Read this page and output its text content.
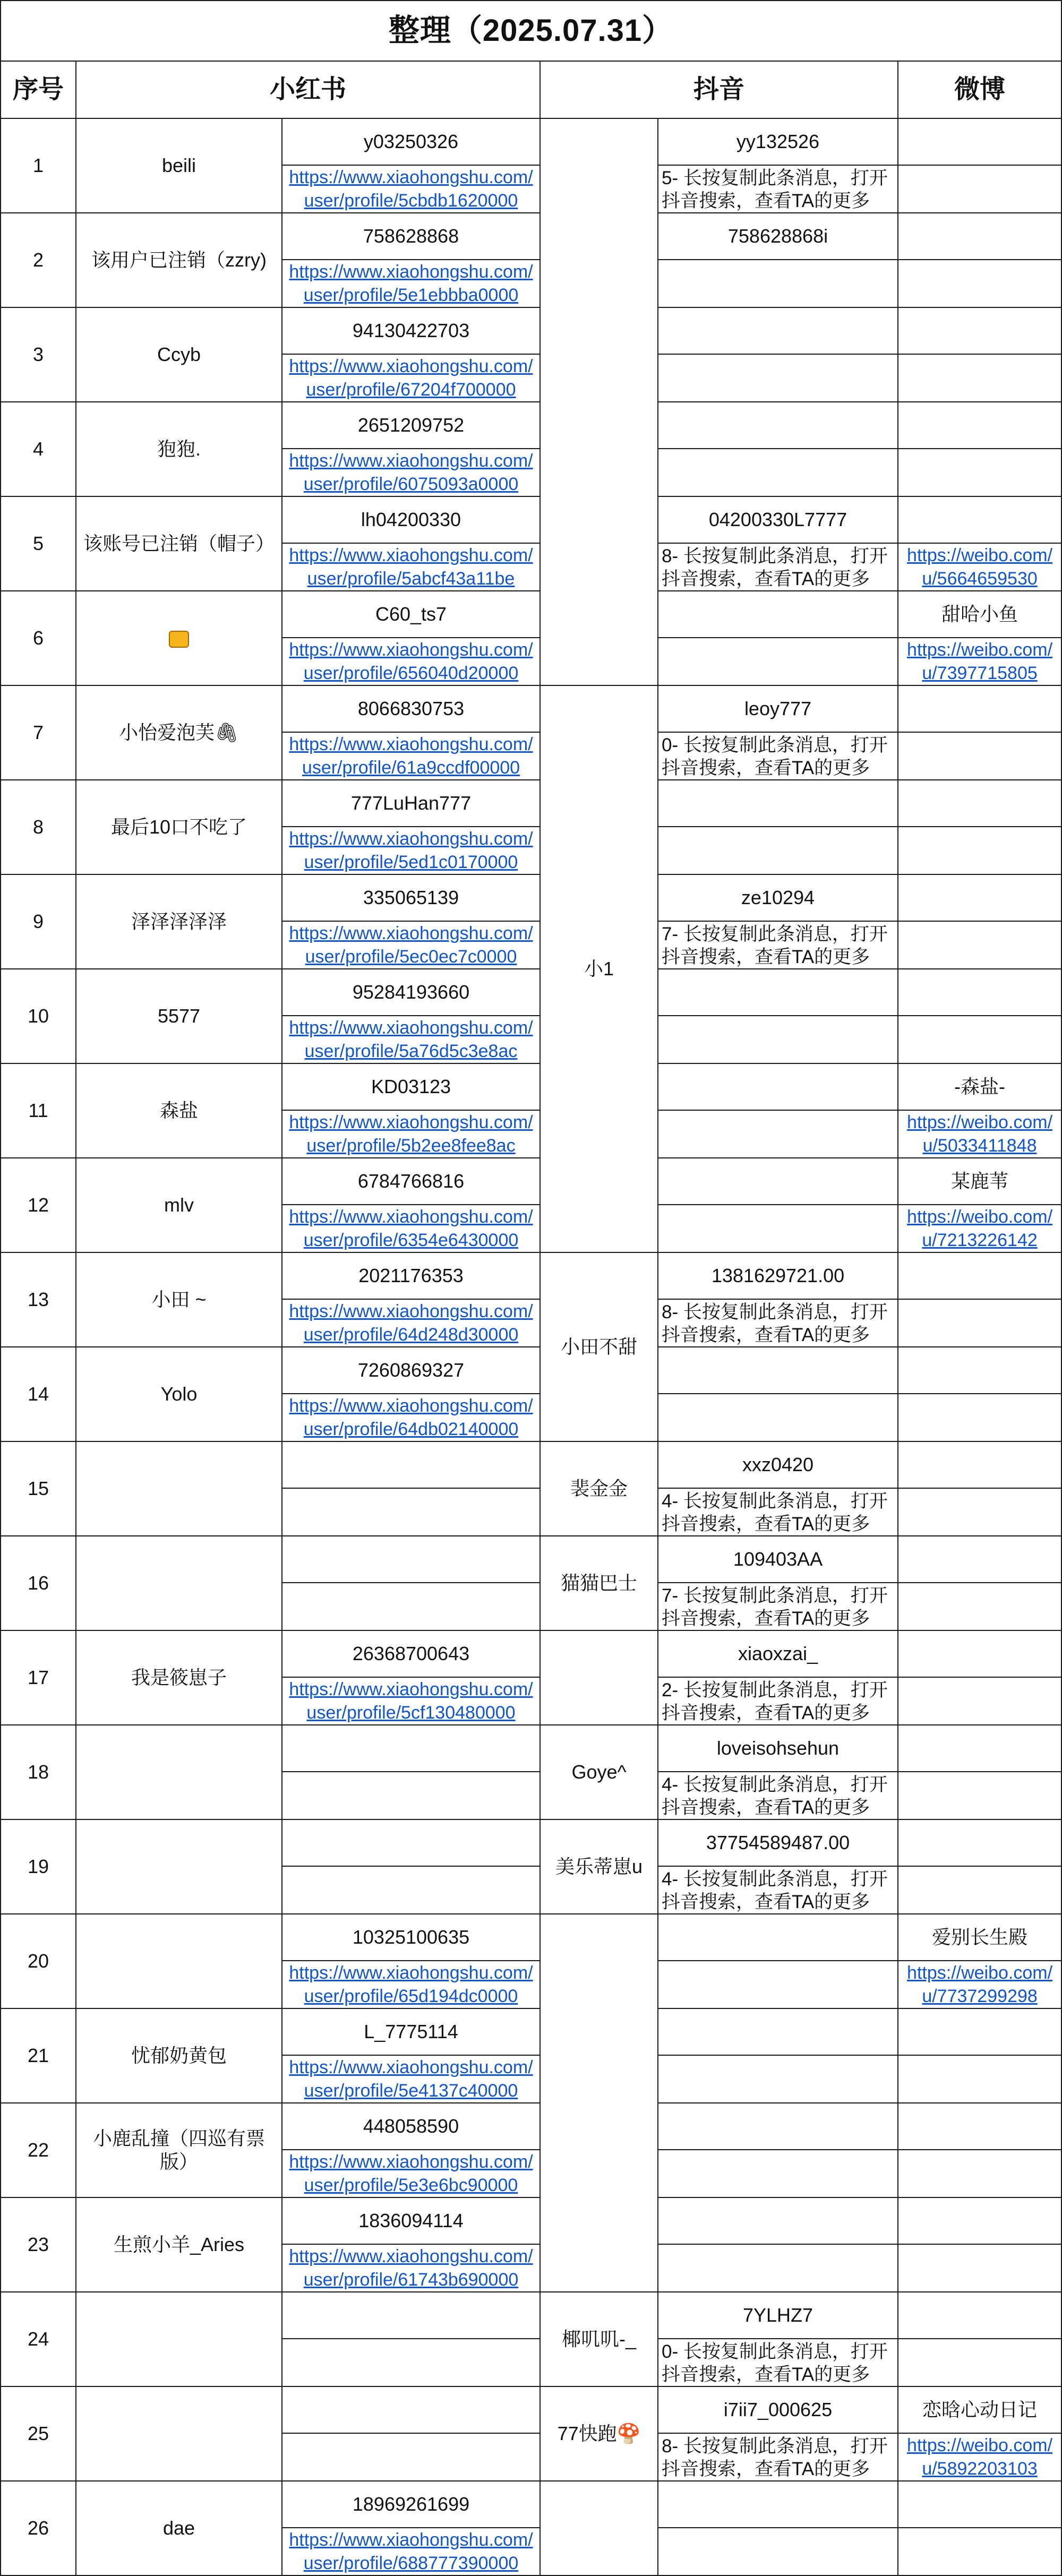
整理（2025.07.31）					
序号	小红书		抖音		微博
1	beili	y03250326		yy132526	
		https://www.xiaohongshu.com/user/profile/5cbdb1620000		5- 长按复制此条消息，打开抖音搜索，查看TA的更多	
2	该用户已注销（zzry)	758628868		758628868i	
		https://www.xiaohongshu.com/user/profile/5e1ebbba0000			
3	Ccyb	94130422703			
		https://www.xiaohongshu.com/user/profile/67204f700000			
4	狍狍.	2651209752			
		https://www.xiaohongshu.com/user/profile/6075093a0000			
5	该账号已注销（帽子）	lh04200330		04200330L7777	
		https://www.xiaohongshu.com/user/profile/5abcf43a11be		8- 长按复制此条消息，打开抖音搜索，查看TA的更多	https://weibo.com/u/5664659530
6		C60_ts7			甜哈小鱼
		https://www.xiaohongshu.com/user/profile/656040d20000			https://weibo.com/u/7397715805
7	小怡爱泡芙🖇	8066830753	小1	leoy777	
		https://www.xiaohongshu.com/user/profile/61a9ccdf00000		0- 长按复制此条消息，打开抖音搜索，查看TA的更多	
8	最后10口不吃了	777LuHan777			
		https://www.xiaohongshu.com/user/profile/5ed1c0170000			
9	泽泽泽泽泽	335065139		ze10294	
		https://www.xiaohongshu.com/user/profile/5ec0ec7c0000		7- 长按复制此条消息，打开抖音搜索，查看TA的更多	
10	5577	95284193660			
		https://www.xiaohongshu.com/user/profile/5a76d5c3e8ac			
11	森盐	KD03123			-森盐-
		https://www.xiaohongshu.com/user/profile/5b2ee8fee8ac			https://weibo.com/u/5033411848
12	mlv	6784766816			某鹿苇
		https://www.xiaohongshu.com/user/profile/6354e6430000			https://weibo.com/u/7213226142
13	小田 ~	2021176353	小田不甜	1381629721.00	
		https://www.xiaohongshu.com/user/profile/64d248d30000		8- 长按复制此条消息，打开抖音搜索，查看TA的更多	
14	Yolo	7260869327			
		https://www.xiaohongshu.com/user/profile/64db02140000			
15			裴金金	xxz0420	
				4- 长按复制此条消息，打开抖音搜索，查看TA的更多	
16			猫猫巴士	109403AA	
				7- 长按复制此条消息，打开抖音搜索，查看TA的更多	
17	我是筱崽子	26368700643		xiaoxzai_	
		https://www.xiaohongshu.com/user/profile/5cf130480000		2- 长按复制此条消息，打开抖音搜索，查看TA的更多	
18			Goye^	loveisohsehun	
				4- 长按复制此条消息，打开抖音搜索，查看TA的更多	
19			美乐蒂崽u	37754589487.00	
				4- 长按复制此条消息，打开抖音搜索，查看TA的更多	
20		10325100635			爱别长生殿
		https://www.xiaohongshu.com/user/profile/65d194dc0000			https://weibo.com/u/7737299298
21	忧郁奶黄包	L_7775114			
		https://www.xiaohongshu.com/user/profile/5e4137c40000			
22	小鹿乱撞（四巡有票版）	448058590			
		https://www.xiaohongshu.com/user/profile/5e3e6bc90000			
23	生煎小羊_Aries	1836094114			
		https://www.xiaohongshu.com/user/profile/61743b690000			
24			椰叽叽-_	7YLHZ7	
				0- 长按复制此条消息，打开抖音搜索，查看TA的更多	
25			77快跑🍄	i7ii7_000625	恋晗心动日记
				8- 长按复制此条消息，打开抖音搜索，查看TA的更多	https://weibo.com/u/5892203103
26	dae	18969261699			
		https://www.xiaohongshu.com/user/profile/688777390000			
